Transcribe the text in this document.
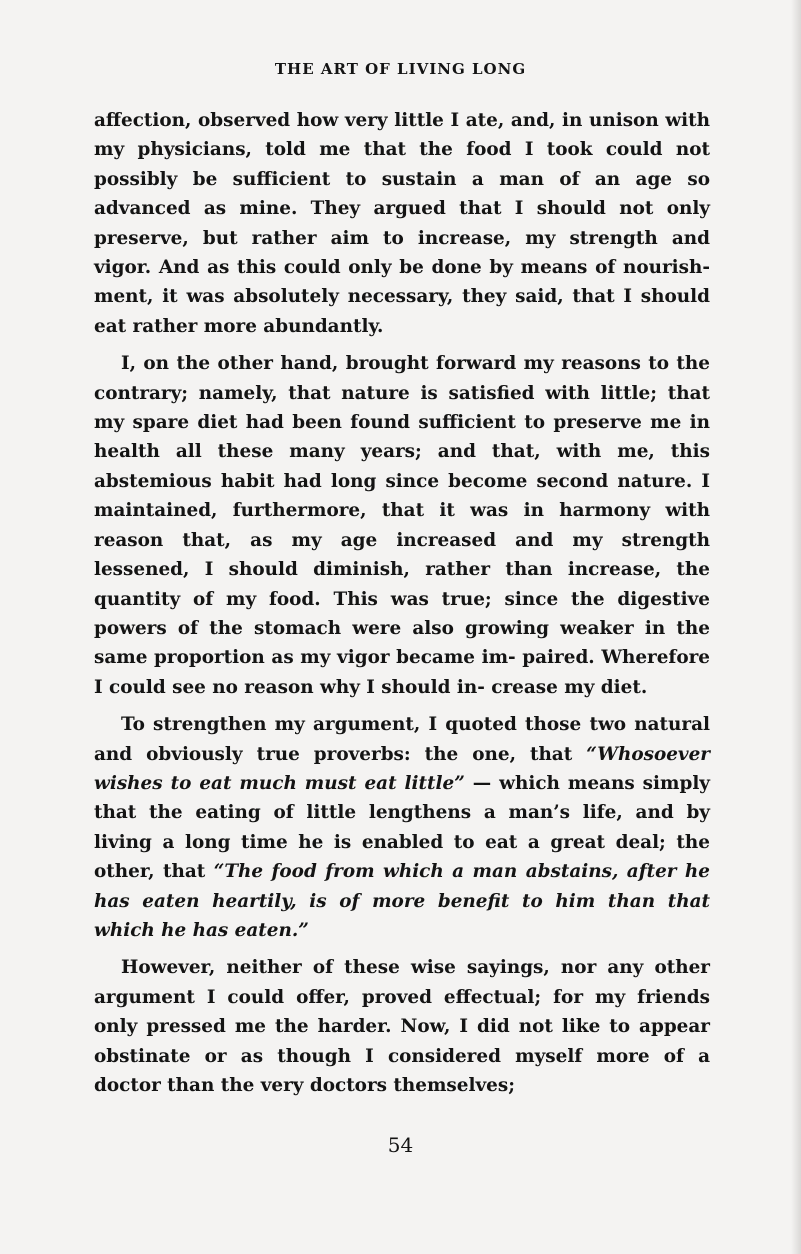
THE ART OF LIVING LONG

affection, observed how very little I ate, and, in unison with my physicians, told me that the food I took could not possibly be sufficient to sustain a man of an age so advanced as mine. They argued that I should not only preserve, but rather aim to increase, my strength and vigor. And as this could only be done by means of nourish- ment, it was absolutely necessary, they said, that I should eat rather more abundantly.

I, on the other hand, brought forward my reasons to the contrary; namely, that nature is satisfied with little; that my spare diet had been found sufficient to preserve me in health all these many years; and that, with me, this abstemious habit had long since become second nature. I maintained, furthermore, that it was in harmony with reason that, as my age increased and my strength lessened, I should diminish, rather than increase, the quantity of my food. This was true; since the digestive powers of the stomach were also growing weaker in the same proportion as my vigor became im- paired. Wherefore I could see no reason why I should in- crease my diet.

To strengthen my argument, I quoted those two natural and obviously true proverbs: the one, that “Whosoever wishes to eat much must eat little” — which means simply that the eating of little lengthens a man’s life, and by living a long time he is enabled to eat a great deal; the other, that “The food from which a man abstains, after he has eaten heartily, is of more benefit to him than that which he has eaten.”

However, neither of these wise sayings, nor any other argument I could offer, proved effectual; for my friends only pressed me the harder. Now, I did not like to appear obstinate or as though I considered myself more of a doctor than the very doctors themselves;

54
